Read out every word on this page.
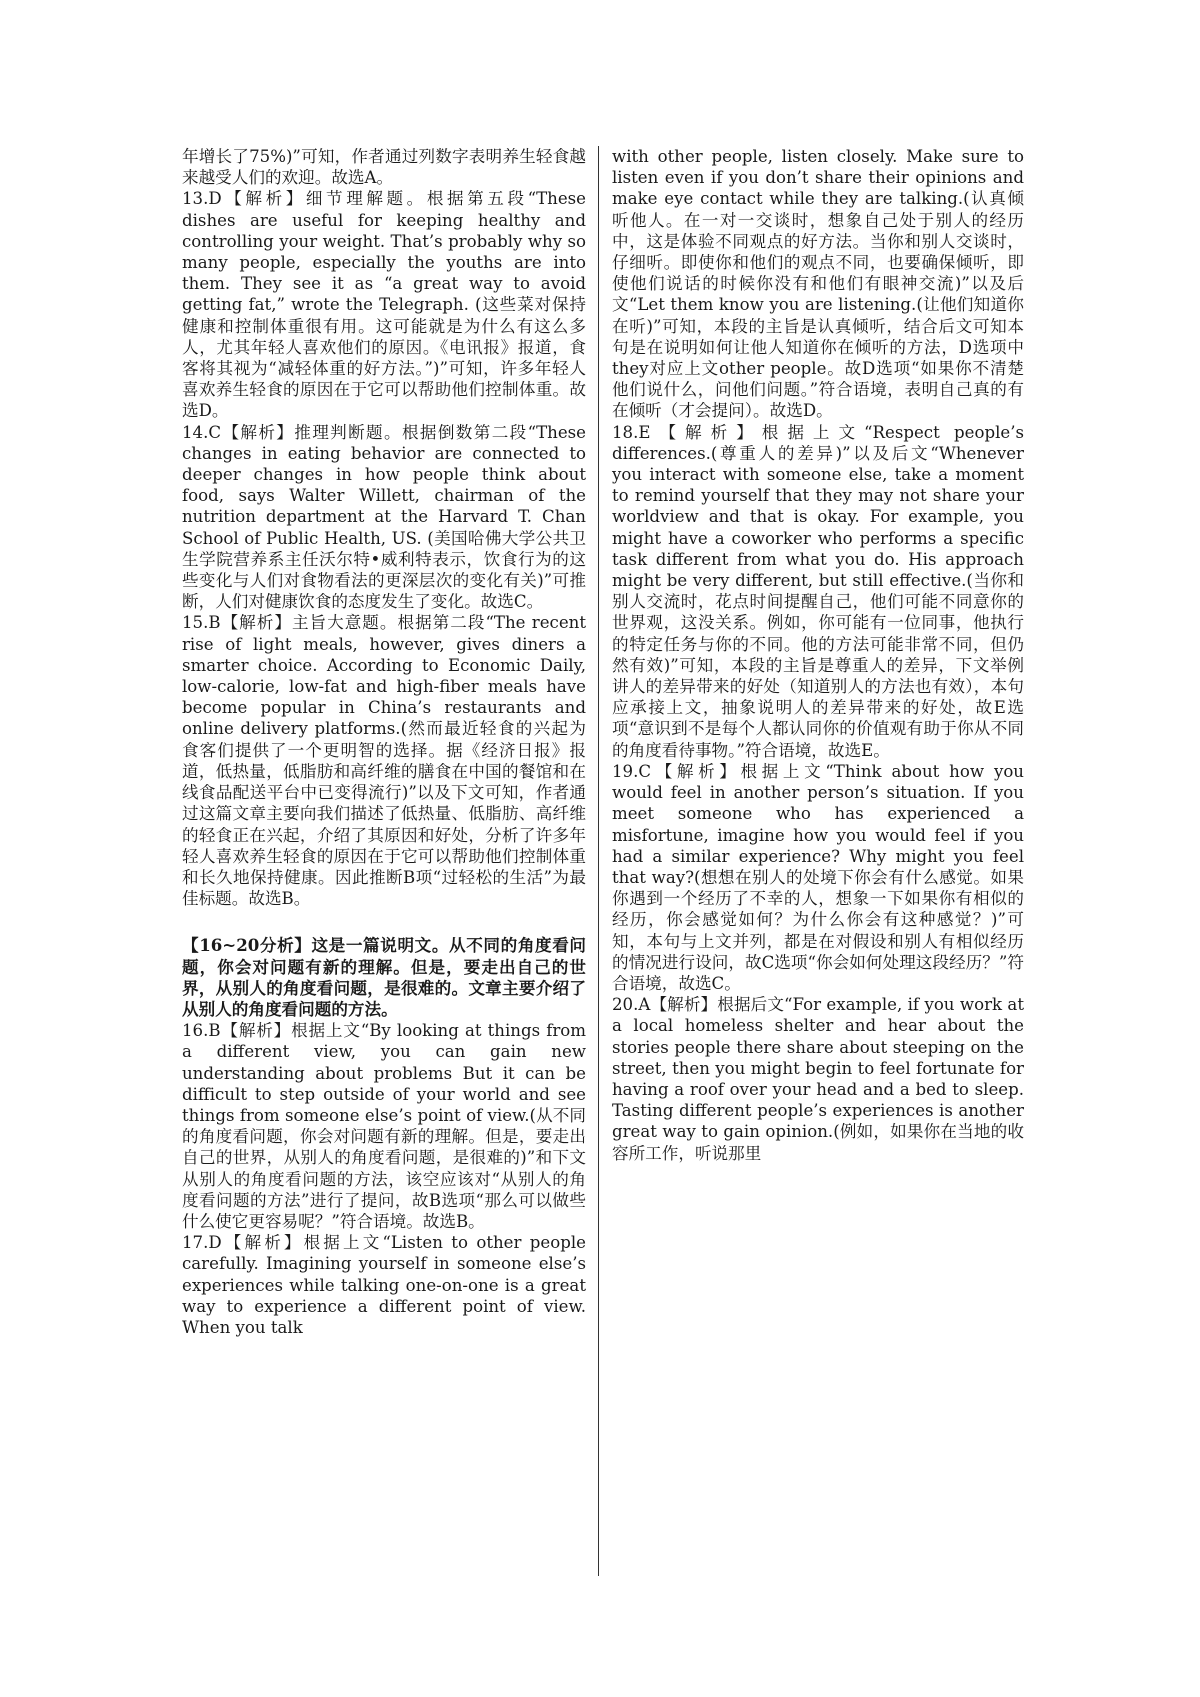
年增长了75%)”可知，作者通过列数字表明养生轻食越来越受人们的欢迎。故选A。

13.D【解析】细节理解题。根据第五段“These dishes are useful for keeping healthy and controlling your weight. That’s probably why so many people, especially the youths are into them. They see it as “a great way to avoid getting fat,” wrote the Telegraph. (这些菜对保持健康和控制体重很有用。这可能就是为什么有这么多人，尤其年轻人喜欢他们的原因。《电讯报》报道，食客将其视为“减轻体重的好方法。”)”可知，许多年轻人喜欢养生轻食的原因在于它可以帮助他们控制体重。故选D。

14.C【解析】推理判断题。根据倒数第二段“These changes in eating behavior are connected to deeper changes in how people think about food, says Walter Willett, chairman of the nutrition department at the Harvard T. Chan School of Public Health, US. (美国哈佛大学公共卫生学院营养系主任沃尔特•威利特表示，饮食行为的这些变化与人们对食物看法的更深层次的变化有关)”可推断，人们对健康饮食的态度发生了变化。故选C。

15.B【解析】主旨大意题。根据第二段“The recent rise of light meals, however, gives diners a smarter choice. According to Economic Daily, low-calorie, low-fat and high-fiber meals have become popular in China’s restaurants and online delivery platforms.(然而最近轻食的兴起为食客们提供了一个更明智的选择。据《经济日报》报道，低热量，低脂肪和高纤维的膳食在中国的餐馆和在线食品配送平台中已变得流行)”以及下文可知，作者通过这篇文章主要向我们描述了低热量、低脂肪、高纤维的轻食正在兴起，介绍了其原因和好处，分析了许多年轻人喜欢养生轻食的原因在于它可以帮助他们控制体重和长久地保持健康。因此推断B项“过轻松的生活”为最佳标题。故选B。

【16~20分析】这是一篇说明文。从不同的角度看问题，你会对问题有新的理解。但是，要走出自己的世界，从别人的角度看问题，是很难的。文章主要介绍了从别人的角度看问题的方法。

16.B【解析】根据上文“By looking at things from a different view, you can gain new understanding about problems But it can be difficult to step outside of your world and see things from someone else’s point of view.(从不同的角度看问题，你会对问题有新的理解。但是，要走出自己的世界，从别人的角度看问题，是很难的)”和下文从别人的角度看问题的方法，该空应该对“从别人的角度看问题的方法”进行了提问，故B选项“那么可以做些什么使它更容易呢？”符合语境。故选B。

17.D【解析】根据上文“Listen to other people carefully. Imagining yourself in someone else’s experiences while talking one-on-one is a great way to experience a different point of view. When you talk

with other people, listen closely. Make sure to listen even if you don’t share their opinions and make eye contact while they are talking.(认真倾听他人。在一对一交谈时，想象自己处于别人的经历中，这是体验不同观点的好方法。当你和别人交谈时，仔细听。即使你和他们的观点不同，也要确保倾听，即使他们说话的时候你没有和他们有眼神交流)”以及后文“Let them know you are listening.(让他们知道你在听)”可知，本段的主旨是认真倾听，结合后文可知本句是在说明如何让他人知道你在倾听的方法，D选项中they对应上文other people。故D选项“如果你不清楚他们说什么，问他们问题。”符合语境，表明自己真的有在倾听（才会提问）。故选D。

18.E【解析】根据上文“Respect people’s differences.(尊重人的差异)”以及后文“Whenever you interact with someone else, take a moment to remind yourself that they may not share your worldview and that is okay. For example, you might have a coworker who performs a specific task different from what you do. His approach might be very different, but still effective.(当你和别人交流时，花点时间提醒自己，他们可能不同意你的世界观，这没关系。例如，你可能有一位同事，他执行的特定任务与你的不同。他的方法可能非常不同，但仍然有效)”可知，本段的主旨是尊重人的差异，下文举例讲人的差异带来的好处（知道别人的方法也有效），本句应承接上文，抽象说明人的差异带来的好处，故E选项“意识到不是每个人都认同你的价值观有助于你从不同的角度看待事物。”符合语境，故选E。

19.C【解析】根据上文“Think about how you would feel in another person’s situation. If you meet someone who has experienced a misfortune, imagine how you would feel if you had a similar experience? Why might you feel that way?(想想在别人的处境下你会有什么感觉。如果你遇到一个经历了不幸的人，想象一下如果你有相似的经历，你会感觉如何？为什么你会有这种感觉？)”可知，本句与上文并列，都是在对假设和别人有相似经历的情况进行设问，故C选项“你会如何处理这段经历？”符合语境，故选C。

20.A【解析】根据后文“For example, if you work at a local homeless shelter and hear about the stories people there share about steeping on the street, then you might begin to feel fortunate for having a roof over your head and a bed to sleep. Tasting different people’s experiences is another great way to gain opinion.(例如，如果你在当地的收容所工作，听说那里
